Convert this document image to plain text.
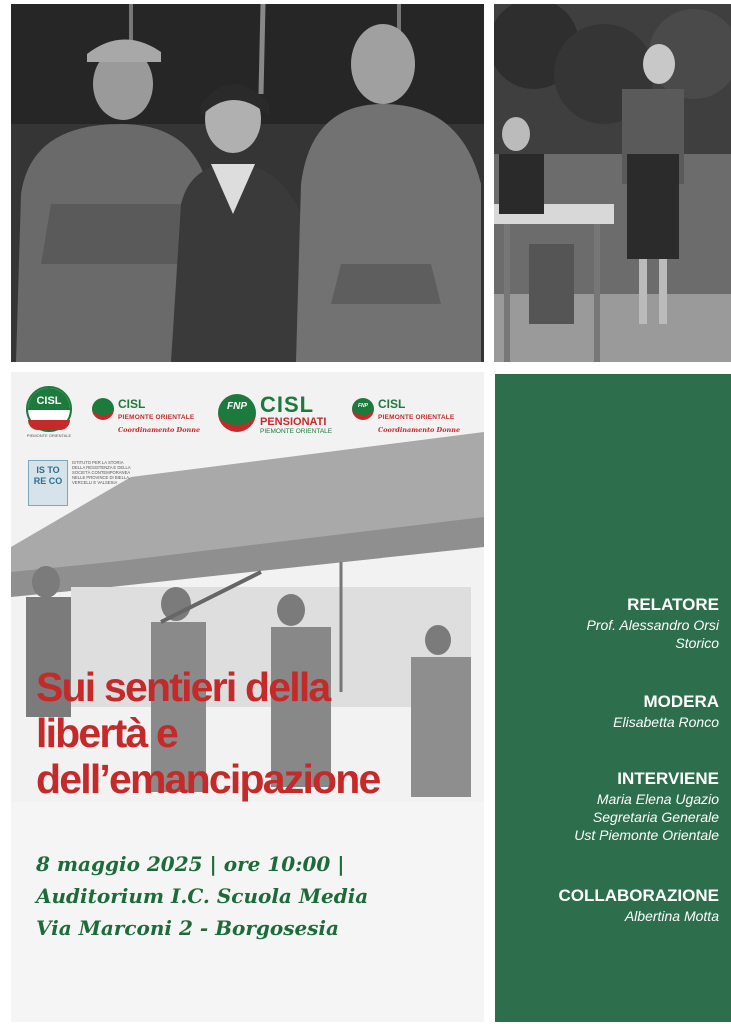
CISL
PIEMONTE ORIENTALE
CISL
PIEMONTE ORIENTALE
Coordinamento Donne
FNP CISL
PENSIONATI
PIEMONTE ORIENTALE
FNP CISL
PIEMONTE ORIENTALE
Coordinamento Donne
IS TO RE CO
ISTITUTO PER LA STORIA DELLA RESISTENZA E DELLA SOCIETÀ CONTEMPORANEA NELLE PROVINCE DI BIELLA, VERCELLI E VALSESIA
Sui sentieri della
libertà e
dell’emancipazione
8 maggio 2025 | ore 10:00 |
Auditorium I.C. Scuola Media
Via Marconi 2 - Borgosesia
RELATORE
Prof. Alessandro Orsi
Storico
MODERA
Elisabetta Ronco
INTERVIENE
Maria Elena Ugazio
Segretaria Generale
Ust Piemonte Orientale
COLLABORAZIONE
Albertina Motta
